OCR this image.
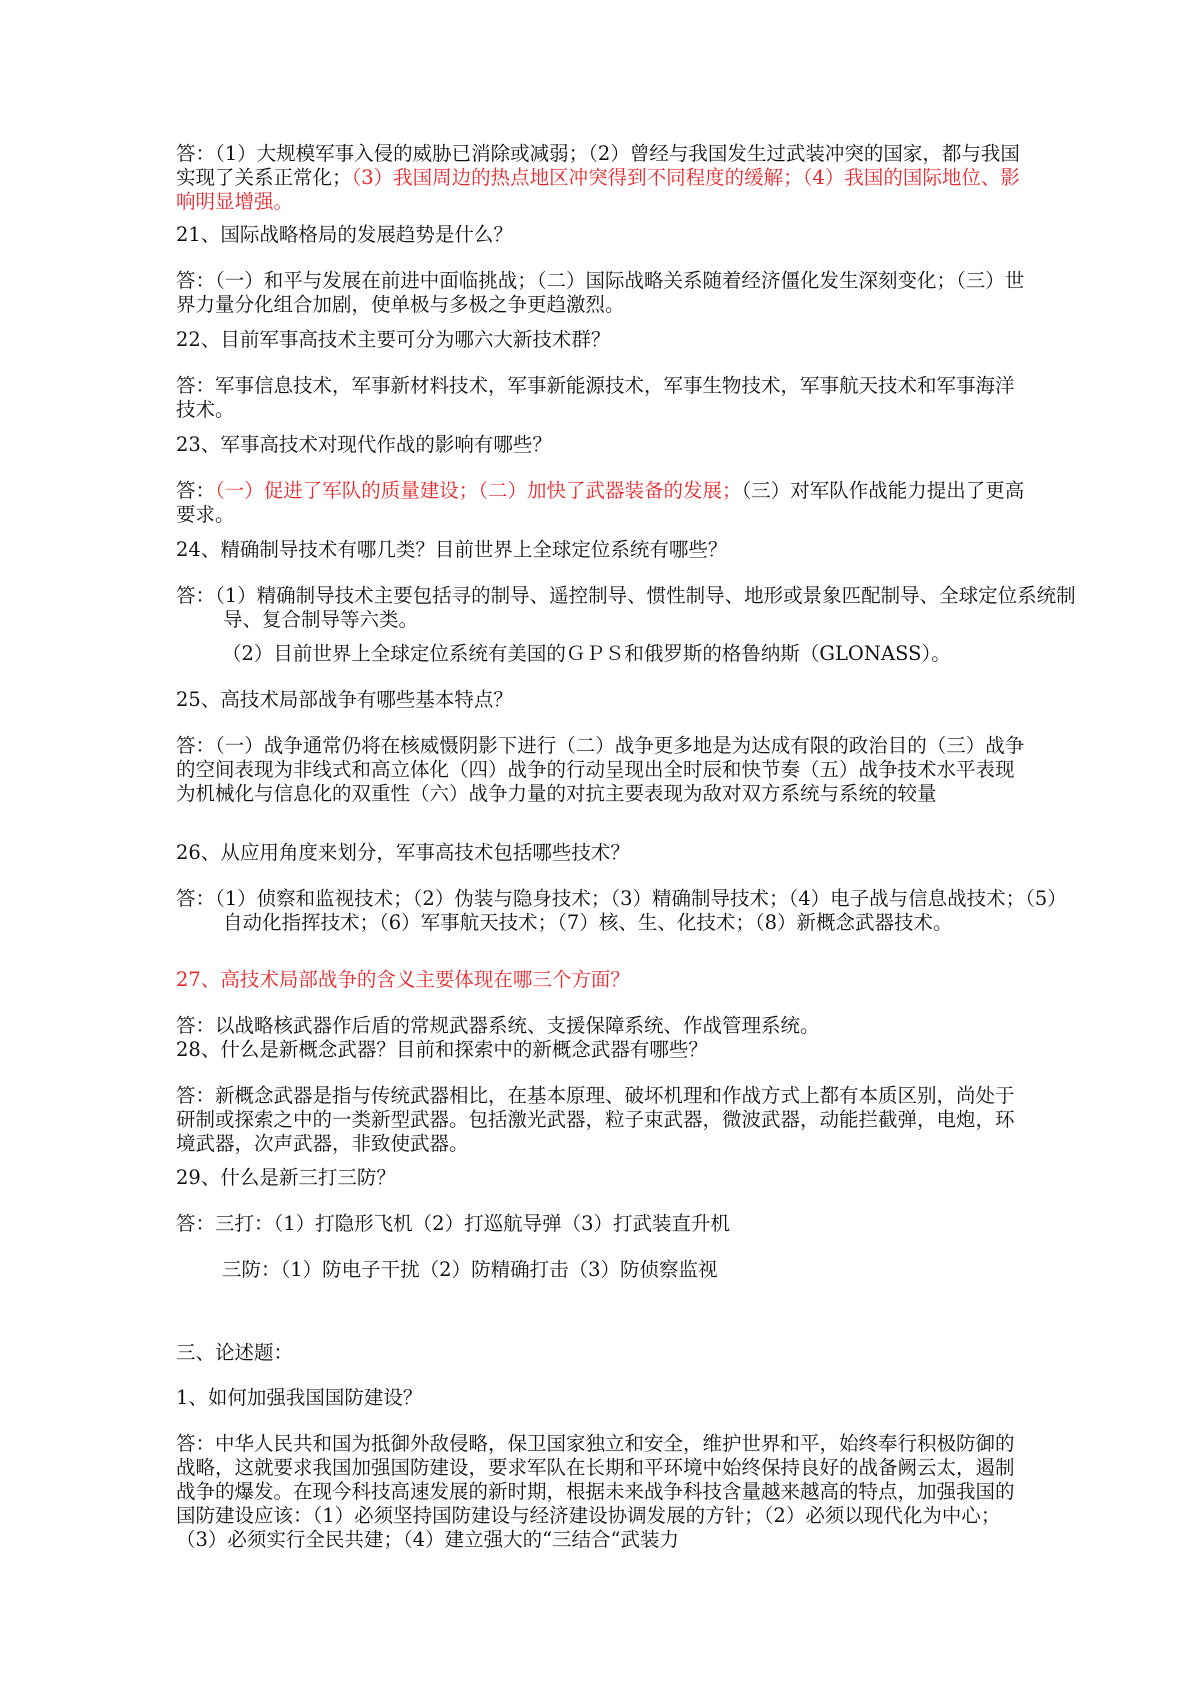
答：（1）大规模军事入侵的威胁已消除或减弱；（2）曾经与我国发生过武装冲突的国家，都与我国实现了关系正常化；（3）我国周边的热点地区冲突得到不同程度的缓解；（4）我国的国际地位、影响明显增强。

21、国际战略格局的发展趋势是什么？

答：（一）和平与发展在前进中面临挑战；（二）国际战略关系随着经济僵化发生深刻变化；（三）世界力量分化组合加剧，使单极与多极之争更趋激烈。

22、目前军事高技术主要可分为哪六大新技术群？

答：军事信息技术，军事新材料技术，军事新能源技术，军事生物技术，军事航天技术和军事海洋技术。

23、军事高技术对现代作战的影响有哪些？

答：（一）促进了军队的质量建设；（二）加快了武器装备的发展；（三）对军队作战能力提出了更高要求。

24、精确制导技术有哪几类？目前世界上全球定位系统有哪些？

答：（1）精确制导技术主要包括寻的制导、遥控制导、惯性制导、地形或景象匹配制导、全球定位系统制导、复合制导等六类。

（2）目前世界上全球定位系统有美国的ＧＰＳ和俄罗斯的格鲁纳斯（GLONASS）。

25、高技术局部战争有哪些基本特点？

答：（一）战争通常仍将在核威慑阴影下进行（二）战争更多地是为达成有限的政治目的（三）战争的空间表现为非线式和高立体化（四）战争的行动呈现出全时辰和快节奏（五）战争技术水平表现为机械化与信息化的双重性（六）战争力量的对抗主要表现为敌对双方系统与系统的较量

26、从应用角度来划分，军事高技术包括哪些技术？

答：（1）侦察和监视技术；（2）伪装与隐身技术；（3）精确制导技术；（4）电子战与信息战技术；（5）自动化指挥技术；（6）军事航天技术；（7）核、生、化技术；（8）新概念武器技术。

27、高技术局部战争的含义主要体现在哪三个方面？

答：以战略核武器作后盾的常规武器系统、支援保障系统、作战管理系统。

28、什么是新概念武器？目前和探索中的新概念武器有哪些？

答：新概念武器是指与传统武器相比，在基本原理、破坏机理和作战方式上都有本质区别，尚处于研制或探索之中的一类新型武器。包括激光武器，粒子束武器，微波武器，动能拦截弹，电炮，环境武器，次声武器，非致使武器。

29、什么是新三打三防？

答：三打：（1）打隐形飞机（2）打巡航导弹（3）打武装直升机

三防：（1）防电子干扰（2）防精确打击（3）防侦察监视

三、论述题：

1、如何加强我国国防建设？

答：中华人民共和国为抵御外敌侵略，保卫国家独立和安全，维护世界和平，始终奉行积极防御的战略，这就要求我国加强国防建设，要求军队在长期和平环境中始终保持良好的战备阙云太，遏制战争的爆发。在现今科技高速发展的新时期，根据未来战争科技含量越来越高的特点，加强我国的国防建设应该：（1）必须坚持国防建设与经济建设协调发展的方针；（2）必须以现代化为中心；（3）必须实行全民共建；（4）建立强大的“三结合“武装力
